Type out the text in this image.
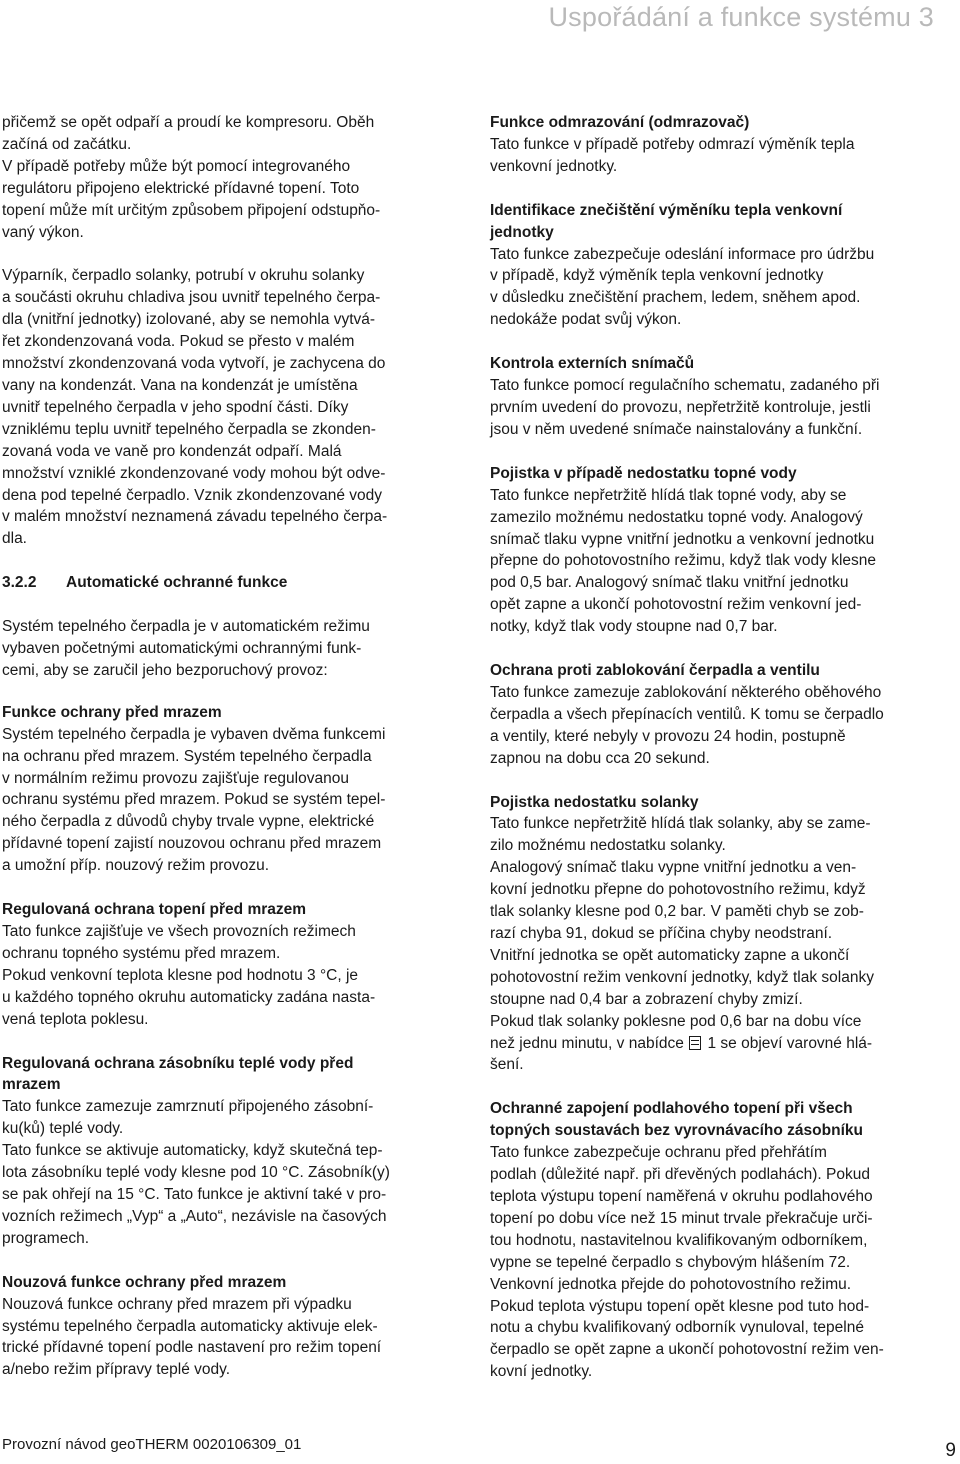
Uspořádání a funkce systému 3

přičemž se opět odpaří a proudí ke kompresoru. Oběh
začíná od začátku.
V případě potřeby může být pomocí integrovaného
regulátoru připojeno elektrické přídavné topení. Toto
topení může mít určitým způsobem připojení odstupňo-
vaný výkon.

Výparník, čerpadlo solanky, potrubí v okruhu solanky
a součásti okruhu chladiva jsou uvnitř tepelného čerpa-
dla (vnitřní jednotky) izolované, aby se nemohla vytvá-
řet zkondenzovaná voda. Pokud se přesto v malém
množství zkondenzovaná voda vytvoří, je zachycena do
vany na kondenzát. Vana na kondenzát je umístěna
uvnitř tepelného čerpadla v jeho spodní části. Díky
vzniklému teplu uvnitř tepelného čerpadla se zkonden-
zovaná voda ve vaně pro kondenzát odpaří. Malá
množství vzniklé zkondenzované vody mohou být odve-
dena pod tepelné čerpadlo. Vznik zkondenzované vody
v malém množství neznamená závadu tepelného čerpa-
dla.

3.2.2 Automatické ochranné funkce

Systém tepelného čerpadla je v automatickém režimu
vybaven početnými automatickými ochrannými funk-
cemi, aby se zaručil jeho bezporuchový provoz:

Funkce ochrany před mrazem

Systém tepelného čerpadla je vybaven dvěma funkcemi
na ochranu před mrazem. Systém tepelného čerpadla
v normálním režimu provozu zajišťuje regulovanou
ochranu systému před mrazem. Pokud se systém tepel-
ného čerpadla z důvodů chyby trvale vypne, elektrické
přídavné topení zajistí nouzovou ochranu před mrazem
a umožní příp. nouzový režim provozu.

Regulovaná ochrana topení před mrazem

Tato funkce zajišťuje ve všech provozních režimech
ochranu topného systému před mrazem.
Pokud venkovní teplota klesne pod hodnotu 3 °C, je
u každého topného okruhu automaticky zadána nasta-
vená teplota poklesu.

Regulovaná ochrana zásobníku teplé vody před
mrazem

Tato funkce zamezuje zamrznutí připojeného zásobní-
ku(ků) teplé vody.
Tato funkce se aktivuje automaticky, když skutečná tep-
lota zásobníku teplé vody klesne pod 10 °C. Zásobník(y)
se pak ohřejí na 15 °C. Tato funkce je aktivní také v pro-
vozních režimech „Vyp“ a „Auto“, nezávisle na časových
programech.

Nouzová funkce ochrany před mrazem

Nouzová funkce ochrany před mrazem při výpadku
systému tepelného čerpadla automaticky aktivuje elek-
trické přídavné topení podle nastavení pro režim topení
a/nebo režim přípravy teplé vody.

Funkce odmrazování (odmrazovač)

Tato funkce v případě potřeby odmrazí výměník tepla
venkovní jednotky.

Identifikace znečištění výměníku tepla venkovní
jednotky

Tato funkce zabezpečuje odeslání informace pro údržbu
v případě, když výměník tepla venkovní jednotky
v důsledku znečištění prachem, ledem, sněhem apod.
nedokáže podat svůj výkon.

Kontrola externích snímačů

Tato funkce pomocí regulačního schematu, zadaného při
prvním uvedení do provozu, nepřetržitě kontroluje, jestli
jsou v něm uvedené snímače nainstalovány a funkční.

Pojistka v případě nedostatku topné vody

Tato funkce nepřetržitě hlídá tlak topné vody, aby se
zamezilo možnému nedostatku topné vody. Analogový
snímač tlaku vypne vnitřní jednotku a venkovní jednotku
přepne do pohotovostního režimu, když tlak vody klesne
pod 0,5 bar. Analogový snímač tlaku vnitřní jednotku
opět zapne a ukončí pohotovostní režim venkovní jed-
notky, když tlak vody stoupne nad 0,7 bar.

Ochrana proti zablokování čerpadla a ventilu

Tato funkce zamezuje zablokování některého oběhového
čerpadla a všech přepínacích ventilů. K tomu se čerpadlo
a ventily, které nebyly v provozu 24 hodin, postupně
zapnou na dobu cca 20 sekund.

Pojistka nedostatku solanky

Tato funkce nepřetržitě hlídá tlak solanky, aby se zame-
zilo možnému nedostatku solanky.
Analogový snímač tlaku vypne vnitřní jednotku a ven-
kovní jednotku přepne do pohotovostního režimu, když
tlak solanky klesne pod 0,2 bar. V paměti chyb se zob-
razí chyba 91, dokud se příčina chyby neodstraní.
Vnitřní jednotka se opět automaticky zapne a ukončí
pohotovostní režim venkovní jednotky, když tlak solanky
stoupne nad 0,4 bar a zobrazení chyby zmizí.
Pokud tlak solanky poklesne pod 0,6 bar na dobu více

než jednu minutu, v nabídce  1 se objeví varovné hlá-

šení.

Ochranné zapojení podlahového topení při všech
topných soustavách bez vyrovnávacího zásobníku

Tato funkce zabezpečuje ochranu před přehřátím
podlah (důležité např. při dřevěných podlahách). Pokud
teplota výstupu topení naměřená v okruhu podlahového
topení po dobu více než 15 minut trvale překračuje urči-
tou hodnotu, nastavitelnou kvalifikovaným odborníkem,
vypne se tepelné čerpadlo s chybovým hlášením 72.
Venkovní jednotka přejde do pohotovostního režimu.
Pokud teplota výstupu topení opět klesne pod tuto hod-
notu a chybu kvalifikovaný odborník vynuloval, tepelné
čerpadlo se opět zapne a ukončí pohotovostní režim ven-
kovní jednotky.

Provozní návod geoTHERM 0020106309_01	9
